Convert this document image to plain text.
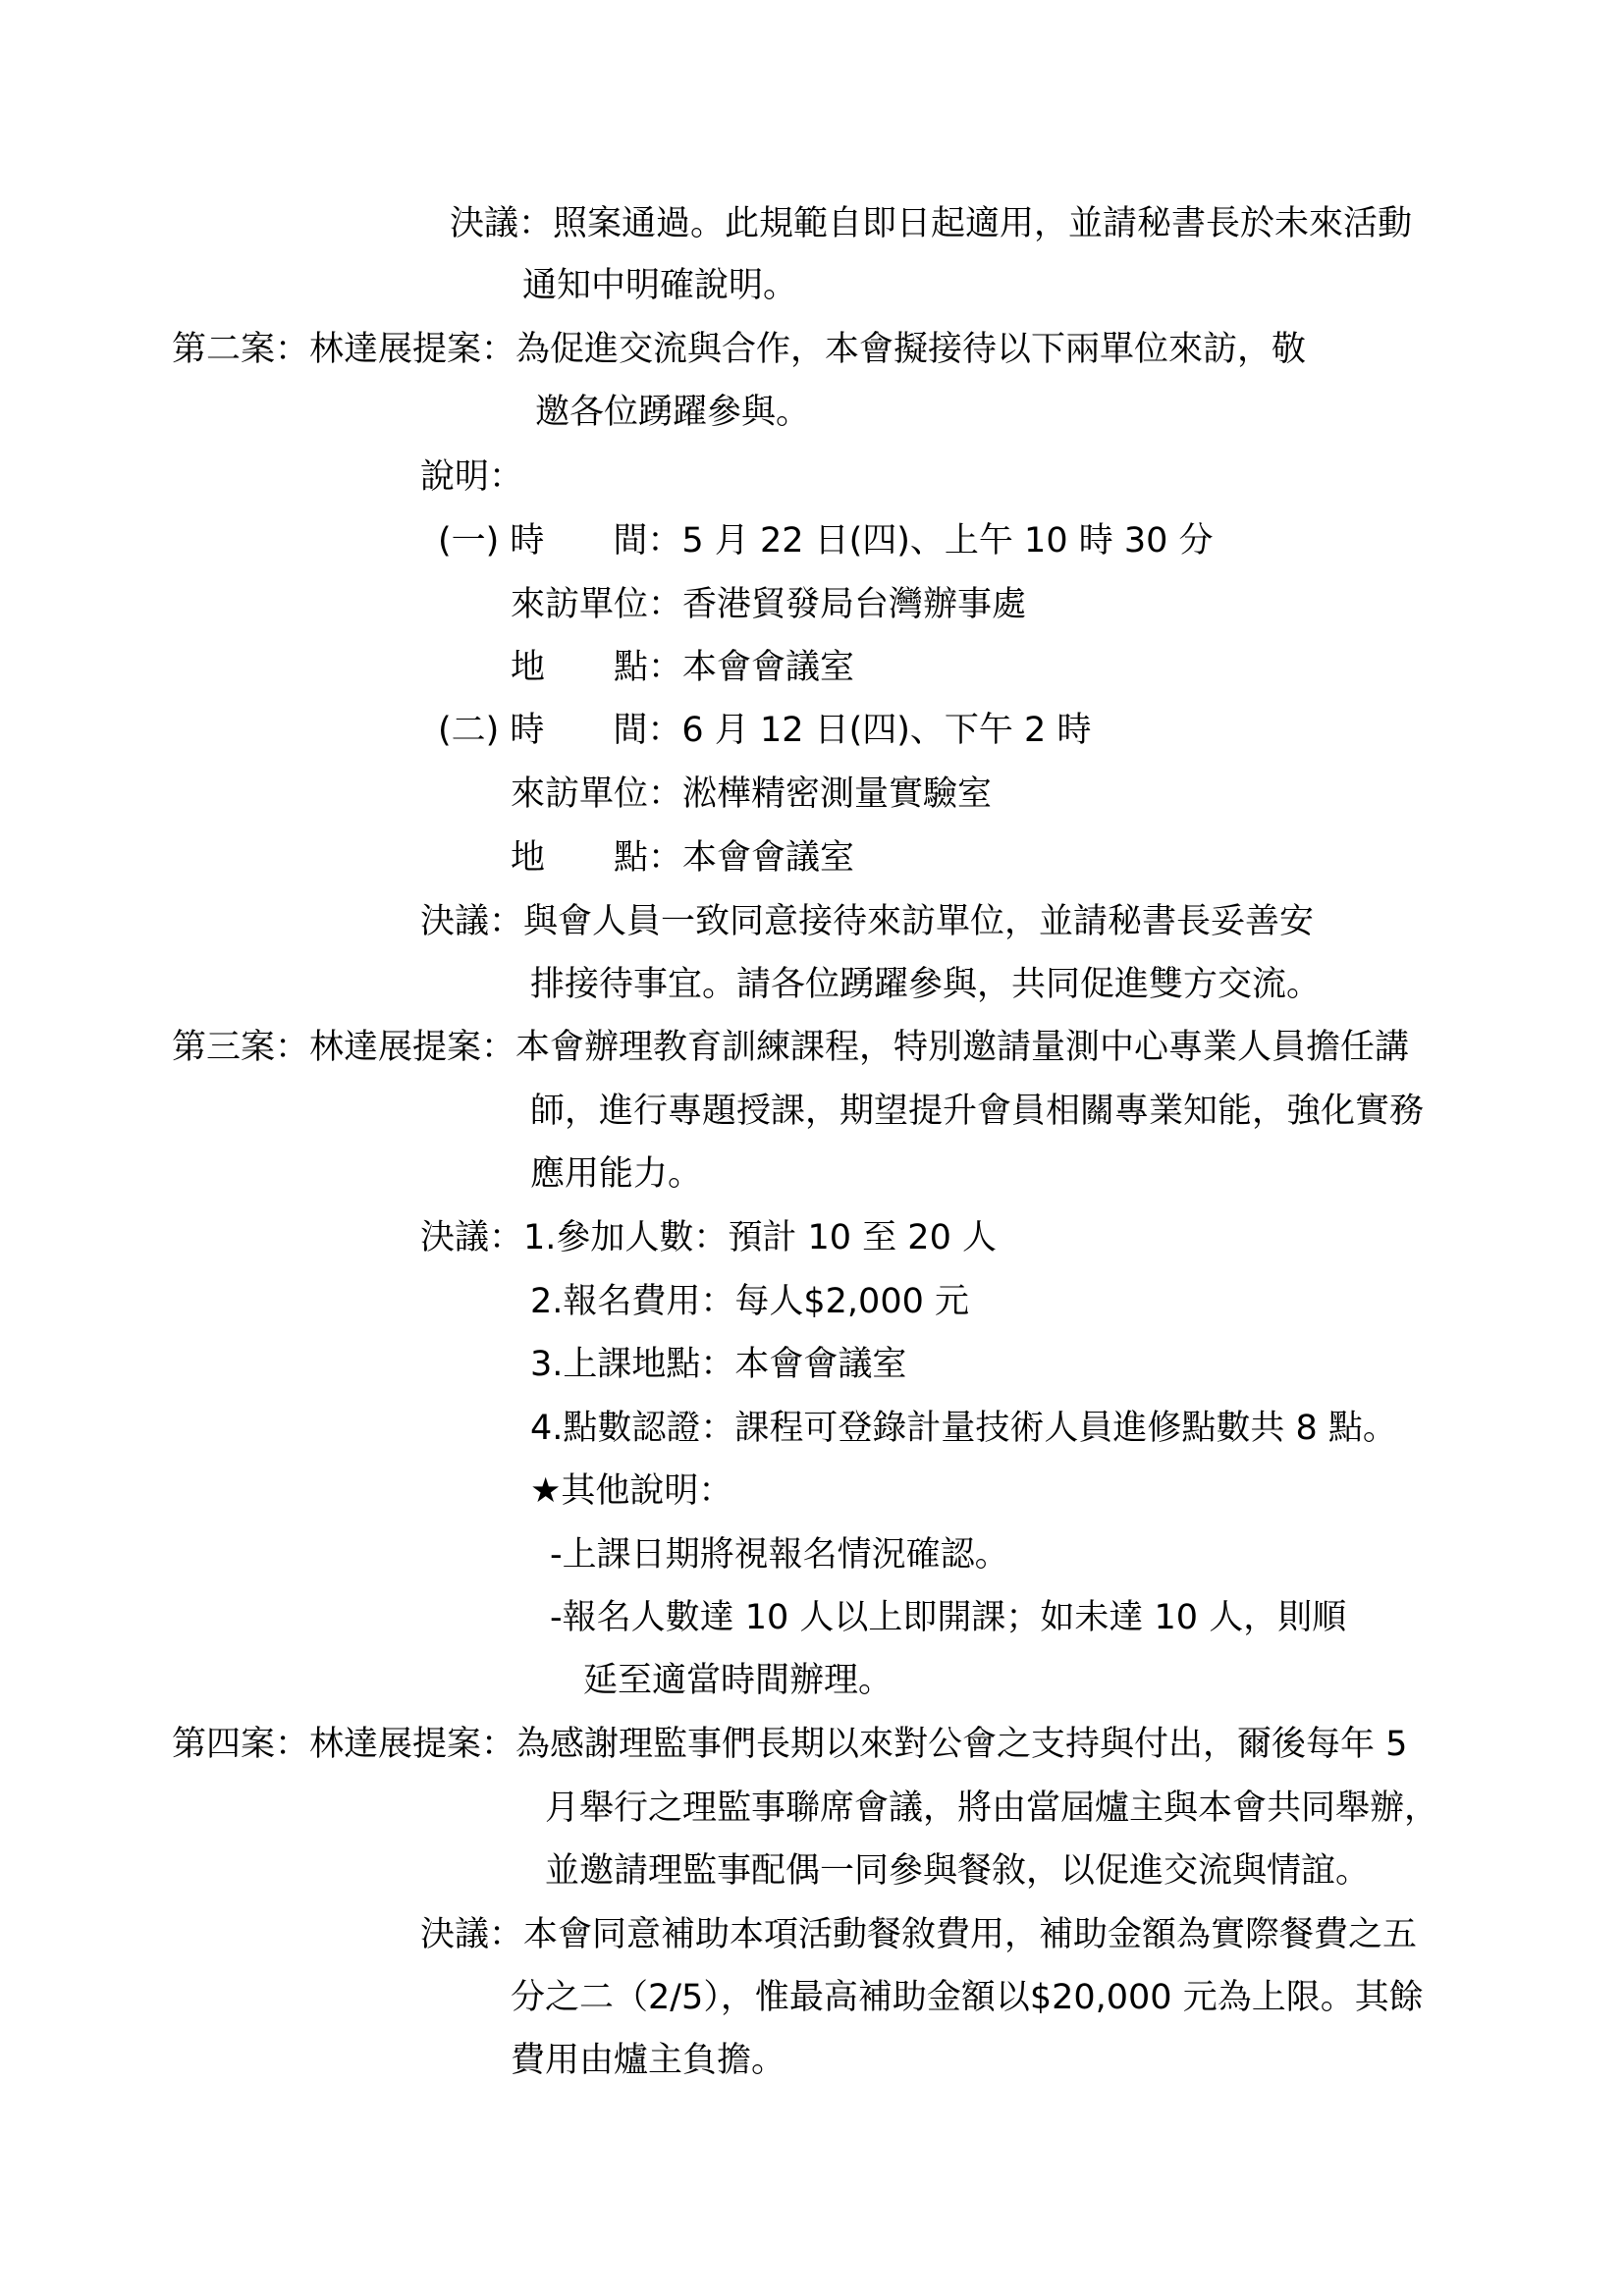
決議：照案通過。此規範自即日起適用，並請秘書長於未來活動
通知中明確說明。
第二案：林達展提案：為促進交流與合作，本會擬接待以下兩單位來訪，敬
邀各位踴躍參與。
說明：
(一) 時　　間：5 月 22 日(四)、上午 10 時 30 分
來訪單位：香港貿發局台灣辦事處
地　　點：本會會議室
(二) 時　　間：6 月 12 日(四)、下午 2 時
來訪單位：淞樺精密測量實驗室
地　　點：本會會議室
決議：與會人員一致同意接待來訪單位，並請秘書長妥善安
排接待事宜。請各位踴躍參與，共同促進雙方交流。
第三案：林達展提案：本會辦理教育訓練課程，特別邀請量測中心專業人員擔任講
師，進行專題授課，期望提升會員相關專業知能，強化實務
應用能力。
決議：1.參加人數：預計 10 至 20 人
2.報名費用：每人$2,000 元
3.上課地點：本會會議室
4.點數認證：課程可登錄計量技術人員進修點數共 8 點。
★其他說明：
-上課日期將視報名情況確認。
-報名人數達 10 人以上即開課；如未達 10 人，則順
延至適當時間辦理。
第四案：林達展提案：為感謝理監事們長期以來對公會之支持與付出，爾後每年 5
月舉行之理監事聯席會議，將由當屆爐主與本會共同舉辦，
並邀請理監事配偶一同參與餐敘，以促進交流與情誼。
決議：本會同意補助本項活動餐敘費用，補助金額為實際餐費之五
分之二（2/5），惟最高補助金額以$20,000 元為上限。其餘
費用由爐主負擔。
